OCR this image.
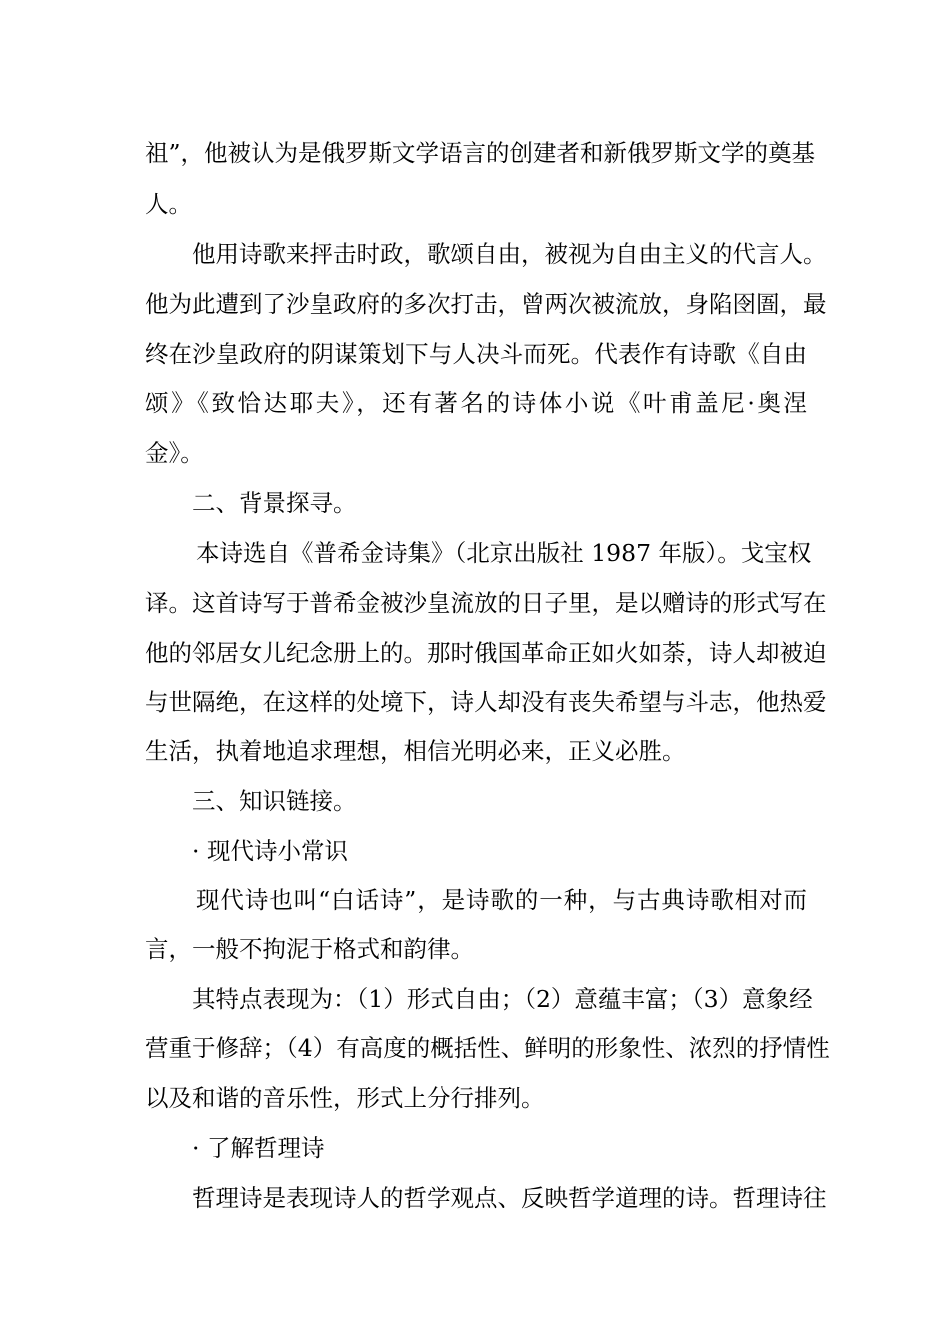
祖”，他被认为是俄罗斯文学语言的创建者和新俄罗斯文学的奠基
人。
他用诗歌来抨击时政，歌颂自由，被视为自由主义的代言人。
他为此遭到了沙皇政府的多次打击，曾两次被流放，身陷囹圄，最
终在沙皇政府的阴谋策划下与人决斗而死。代表作有诗歌《自由
颂》《致恰达耶夫》，还有著名的诗体小说《叶甫盖尼·奥涅
金》。
二、背景探寻。
本诗选自《普希金诗集》（北京出版社 1987 年版）。戈宝权
译。这首诗写于普希金被沙皇流放的日子里，是以赠诗的形式写在
他的邻居女儿纪念册上的。那时俄国革命正如火如荼，诗人却被迫
与世隔绝，在这样的处境下，诗人却没有丧失希望与斗志，他热爱
生活，执着地追求理想，相信光明必来，正义必胜。
三、知识链接。
· 现代诗小常识
现代诗也叫“白话诗”，是诗歌的一种，与古典诗歌相对而
言，一般不拘泥于格式和韵律。
其特点表现为：（1）形式自由；（2）意蕴丰富；（3）意象经
营重于修辞；（4）有高度的概括性、鲜明的形象性、浓烈的抒情性
以及和谐的音乐性，形式上分行排列。
· 了解哲理诗
哲理诗是表现诗人的哲学观点、反映哲学道理的诗。哲理诗往
